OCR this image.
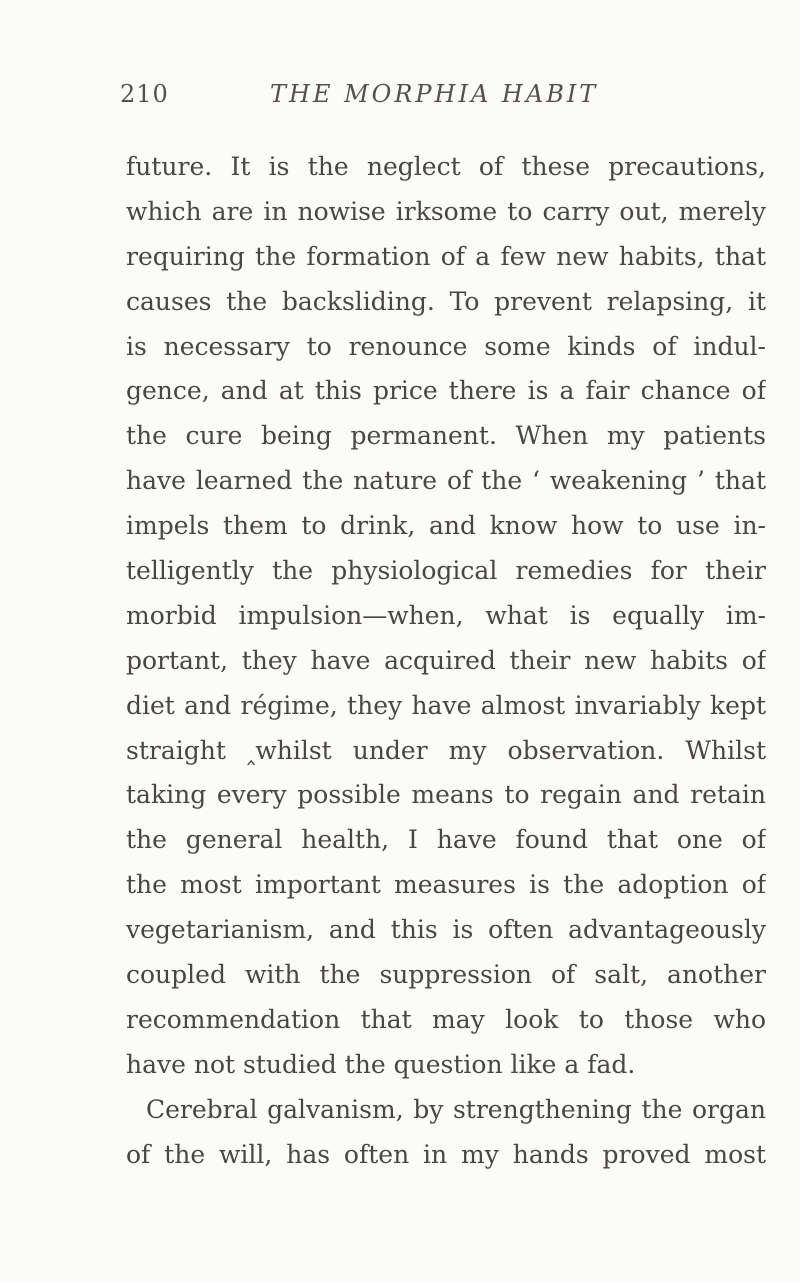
210	THE MORPHIA HABIT
future. It is the neglect of these precautions,
which are in nowise irksome to carry out, merely
requiring the formation of a few new habits, that
causes the backsliding. To prevent relapsing, it
is necessary to renounce some kinds of indul-
gence, and at this price there is a fair chance of
the cure being permanent. When my patients
have learned the nature of the ‘ weakening ’ that
impels them to drink, and know how to use in-
telligently the physiological remedies for their
morbid impulsion—when, what is equally im-
portant, they have acquired their new habits of
diet and régime, they have almost invariably kept
straight ‸whilst under my observation. Whilst
taking every possible means to regain and retain
the general health, I have found that one of
the most important measures is the adoption of
vegetarianism, and this is often advantageously
coupled with the suppression of salt, another
recommendation that may look to those who
have not studied the question like a fad.
Cerebral galvanism, by strengthening the organ
of the will, has often in my hands proved most
